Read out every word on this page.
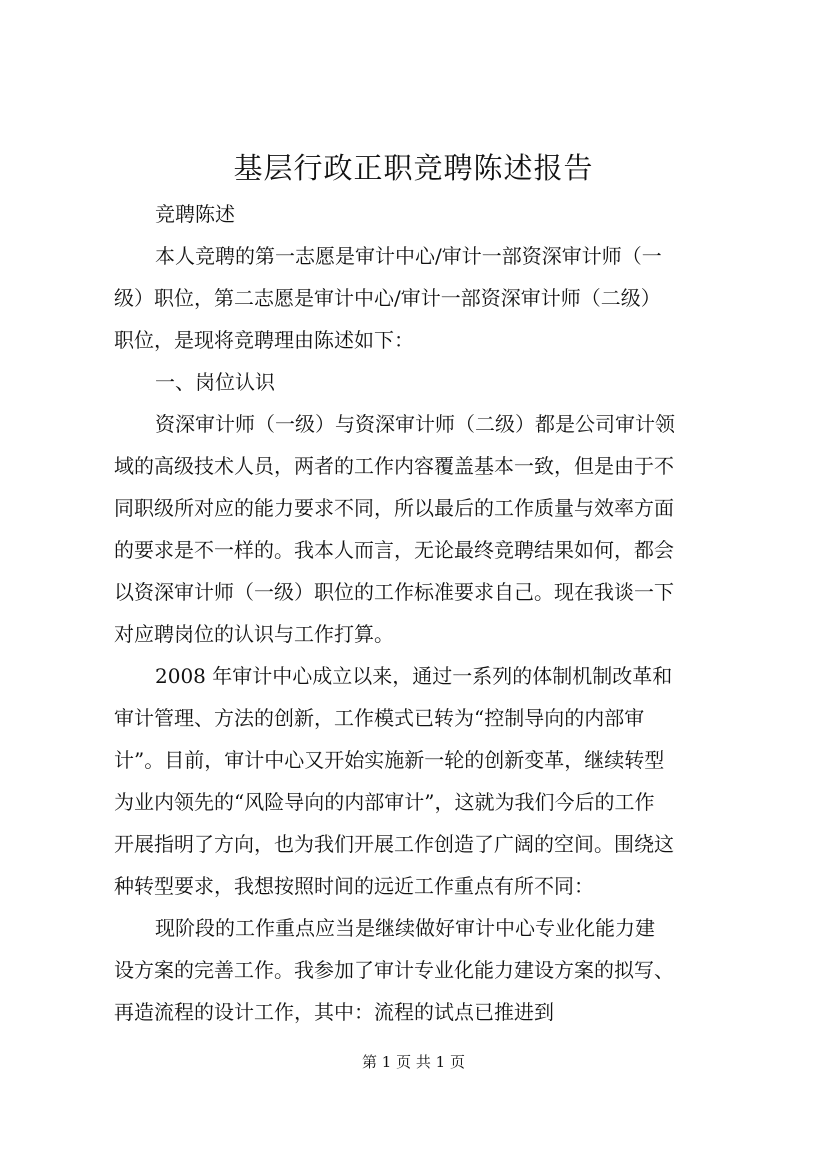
基层行政正职竞聘陈述报告

竞聘陈述

本人竞聘的第一志愿是审计中心/审计一部资深审计师（一

级）职位，第二志愿是审计中心/审计一部资深审计师（二级）

职位，是现将竞聘理由陈述如下：

一、岗位认识

资深审计师（一级）与资深审计师（二级）都是公司审计领

域的高级技术人员，两者的工作内容覆盖基本一致，但是由于不

同职级所对应的能力要求不同，所以最后的工作质量与效率方面

的要求是不一样的。我本人而言，无论最终竞聘结果如何，都会

以资深审计师（一级）职位的工作标准要求自己。现在我谈一下

对应聘岗位的认识与工作打算。

2008 年审计中心成立以来，通过一系列的体制机制改革和

审计管理、方法的创新，工作模式已转为“控制导向的内部审

计”。目前，审计中心又开始实施新一轮的创新变革，继续转型

为业内领先的“风险导向的内部审计”，这就为我们今后的工作

开展指明了方向，也为我们开展工作创造了广阔的空间。围绕这

种转型要求，我想按照时间的远近工作重点有所不同：

现阶段的工作重点应当是继续做好审计中心专业化能力建

设方案的完善工作。我参加了审计专业化能力建设方案的拟写、

再造流程的设计工作，其中：流程的试点已推进到

第 1 页 共 1 页
